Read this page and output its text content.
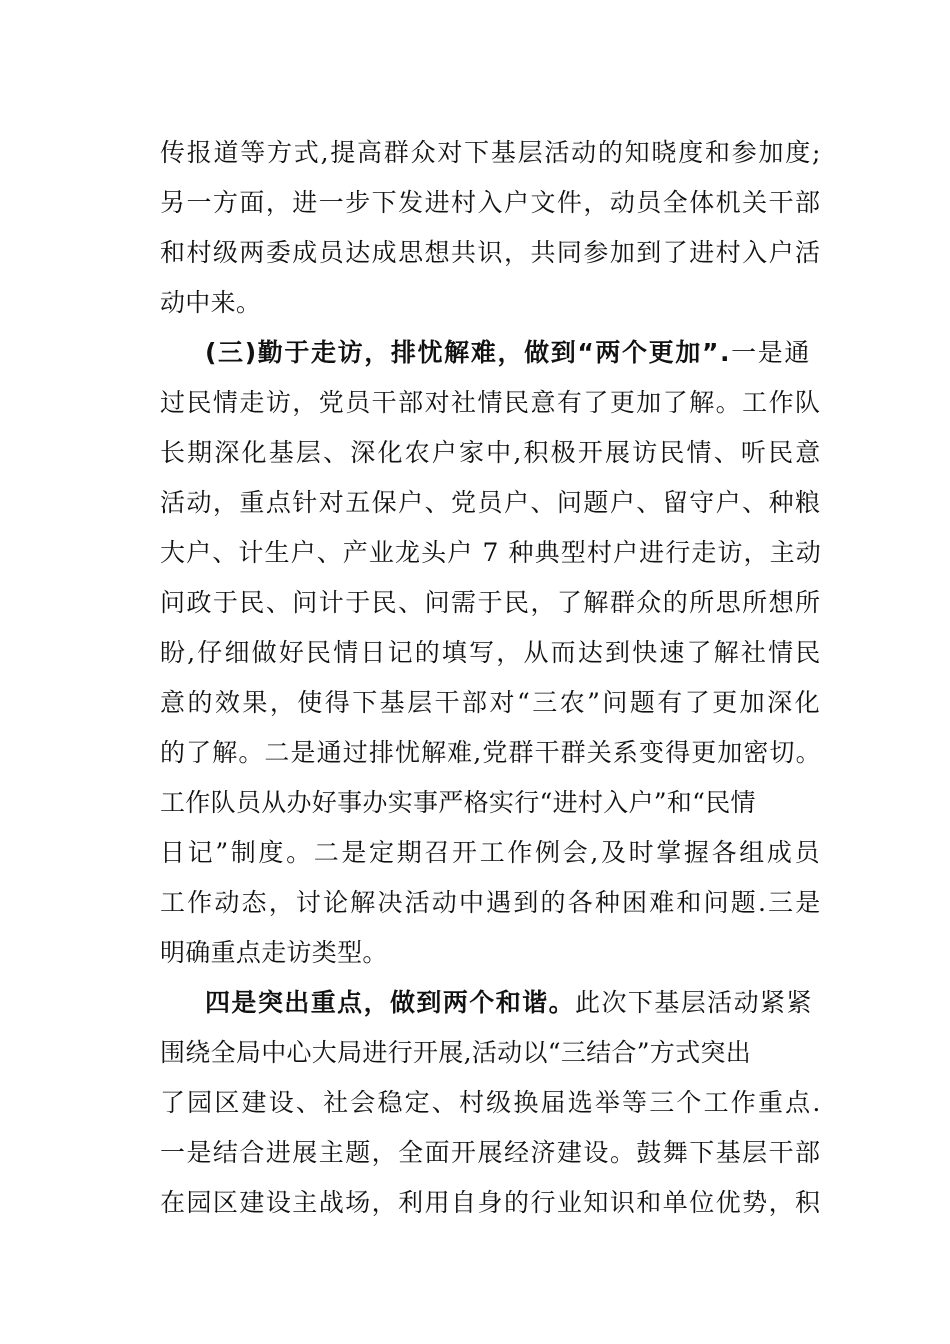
传报道等方式,提高群众对下基层活动的知晓度和参加度;
另一方面，进一步下发进村入户文件，动员全体机关干部
和村级两委成员达成思想共识，共同参加到了进村入户活
动中来。
(三)勤于走访，排忧解难，做到“两个更加”.一是通
过民情走访，党员干部对社情民意有了更加了解。工作队
长期深化基层、深化农户家中,积极开展访民情、听民意
活动，重点针对五保户、党员户、问题户、留守户、种粮
大户、计生户、产业龙头户 7 种典型村户进行走访，主动
问政于民、问计于民、问需于民，了解群众的所思所想所
盼,仔细做好民情日记的填写，从而达到快速了解社情民
意的效果，使得下基层干部对“三农”问题有了更加深化
的了解。二是通过排忧解难,党群干群关系变得更加密切。
工作队员从办好事办实事严格实行“进村入户”和“民情
日记”制度。二是定期召开工作例会,及时掌握各组成员
工作动态，讨论解决活动中遇到的各种困难和问题.三是
明确重点走访类型。
四是突出重点，做到两个和谐。此次下基层活动紧紧
围绕全局中心大局进行开展,活动以“三结合”方式突出
了园区建设、社会稳定、村级换届选举等三个工作重点.
一是结合进展主题，全面开展经济建设。鼓舞下基层干部
在园区建设主战场，利用自身的行业知识和单位优势，积
